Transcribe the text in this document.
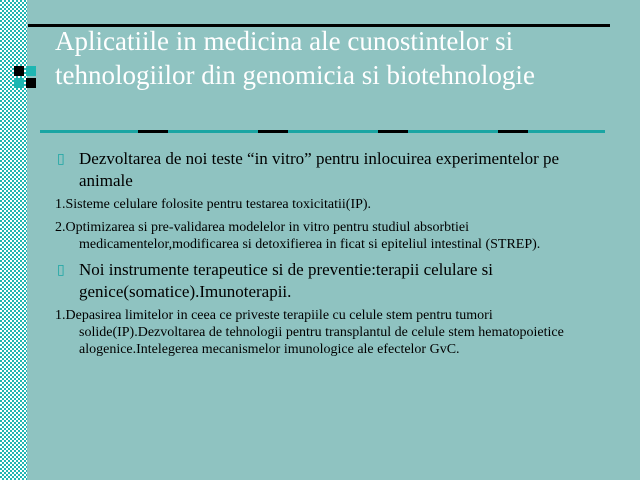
Aplicatiile in medicina ale cunostintelor si tehnologiilor din genomicia si biotehnologie

▯ Dezvoltarea de noi teste “in vitro” pentru inlocuirea experimentelor pe animale

1.Sisteme celulare folosite pentru testarea toxicitatii(IP).

2.Optimizarea si pre-validarea modelelor in vitro pentru studiul absorbtiei medicamentelor,modificarea si detoxifierea in ficat si epiteliul intestinal (STREP).

▯ Noi instrumente terapeutice si de preventie:terapii celulare si genice(somatice).Imunoterapii.

1.Depasirea limitelor in ceea ce priveste terapiile cu celule stem pentru tumori solide(IP).Dezvoltarea de tehnologii pentru transplantul de celule stem hematopoietice alogenice.Intelegerea mecanismelor imunologice ale efectelor GvC.
